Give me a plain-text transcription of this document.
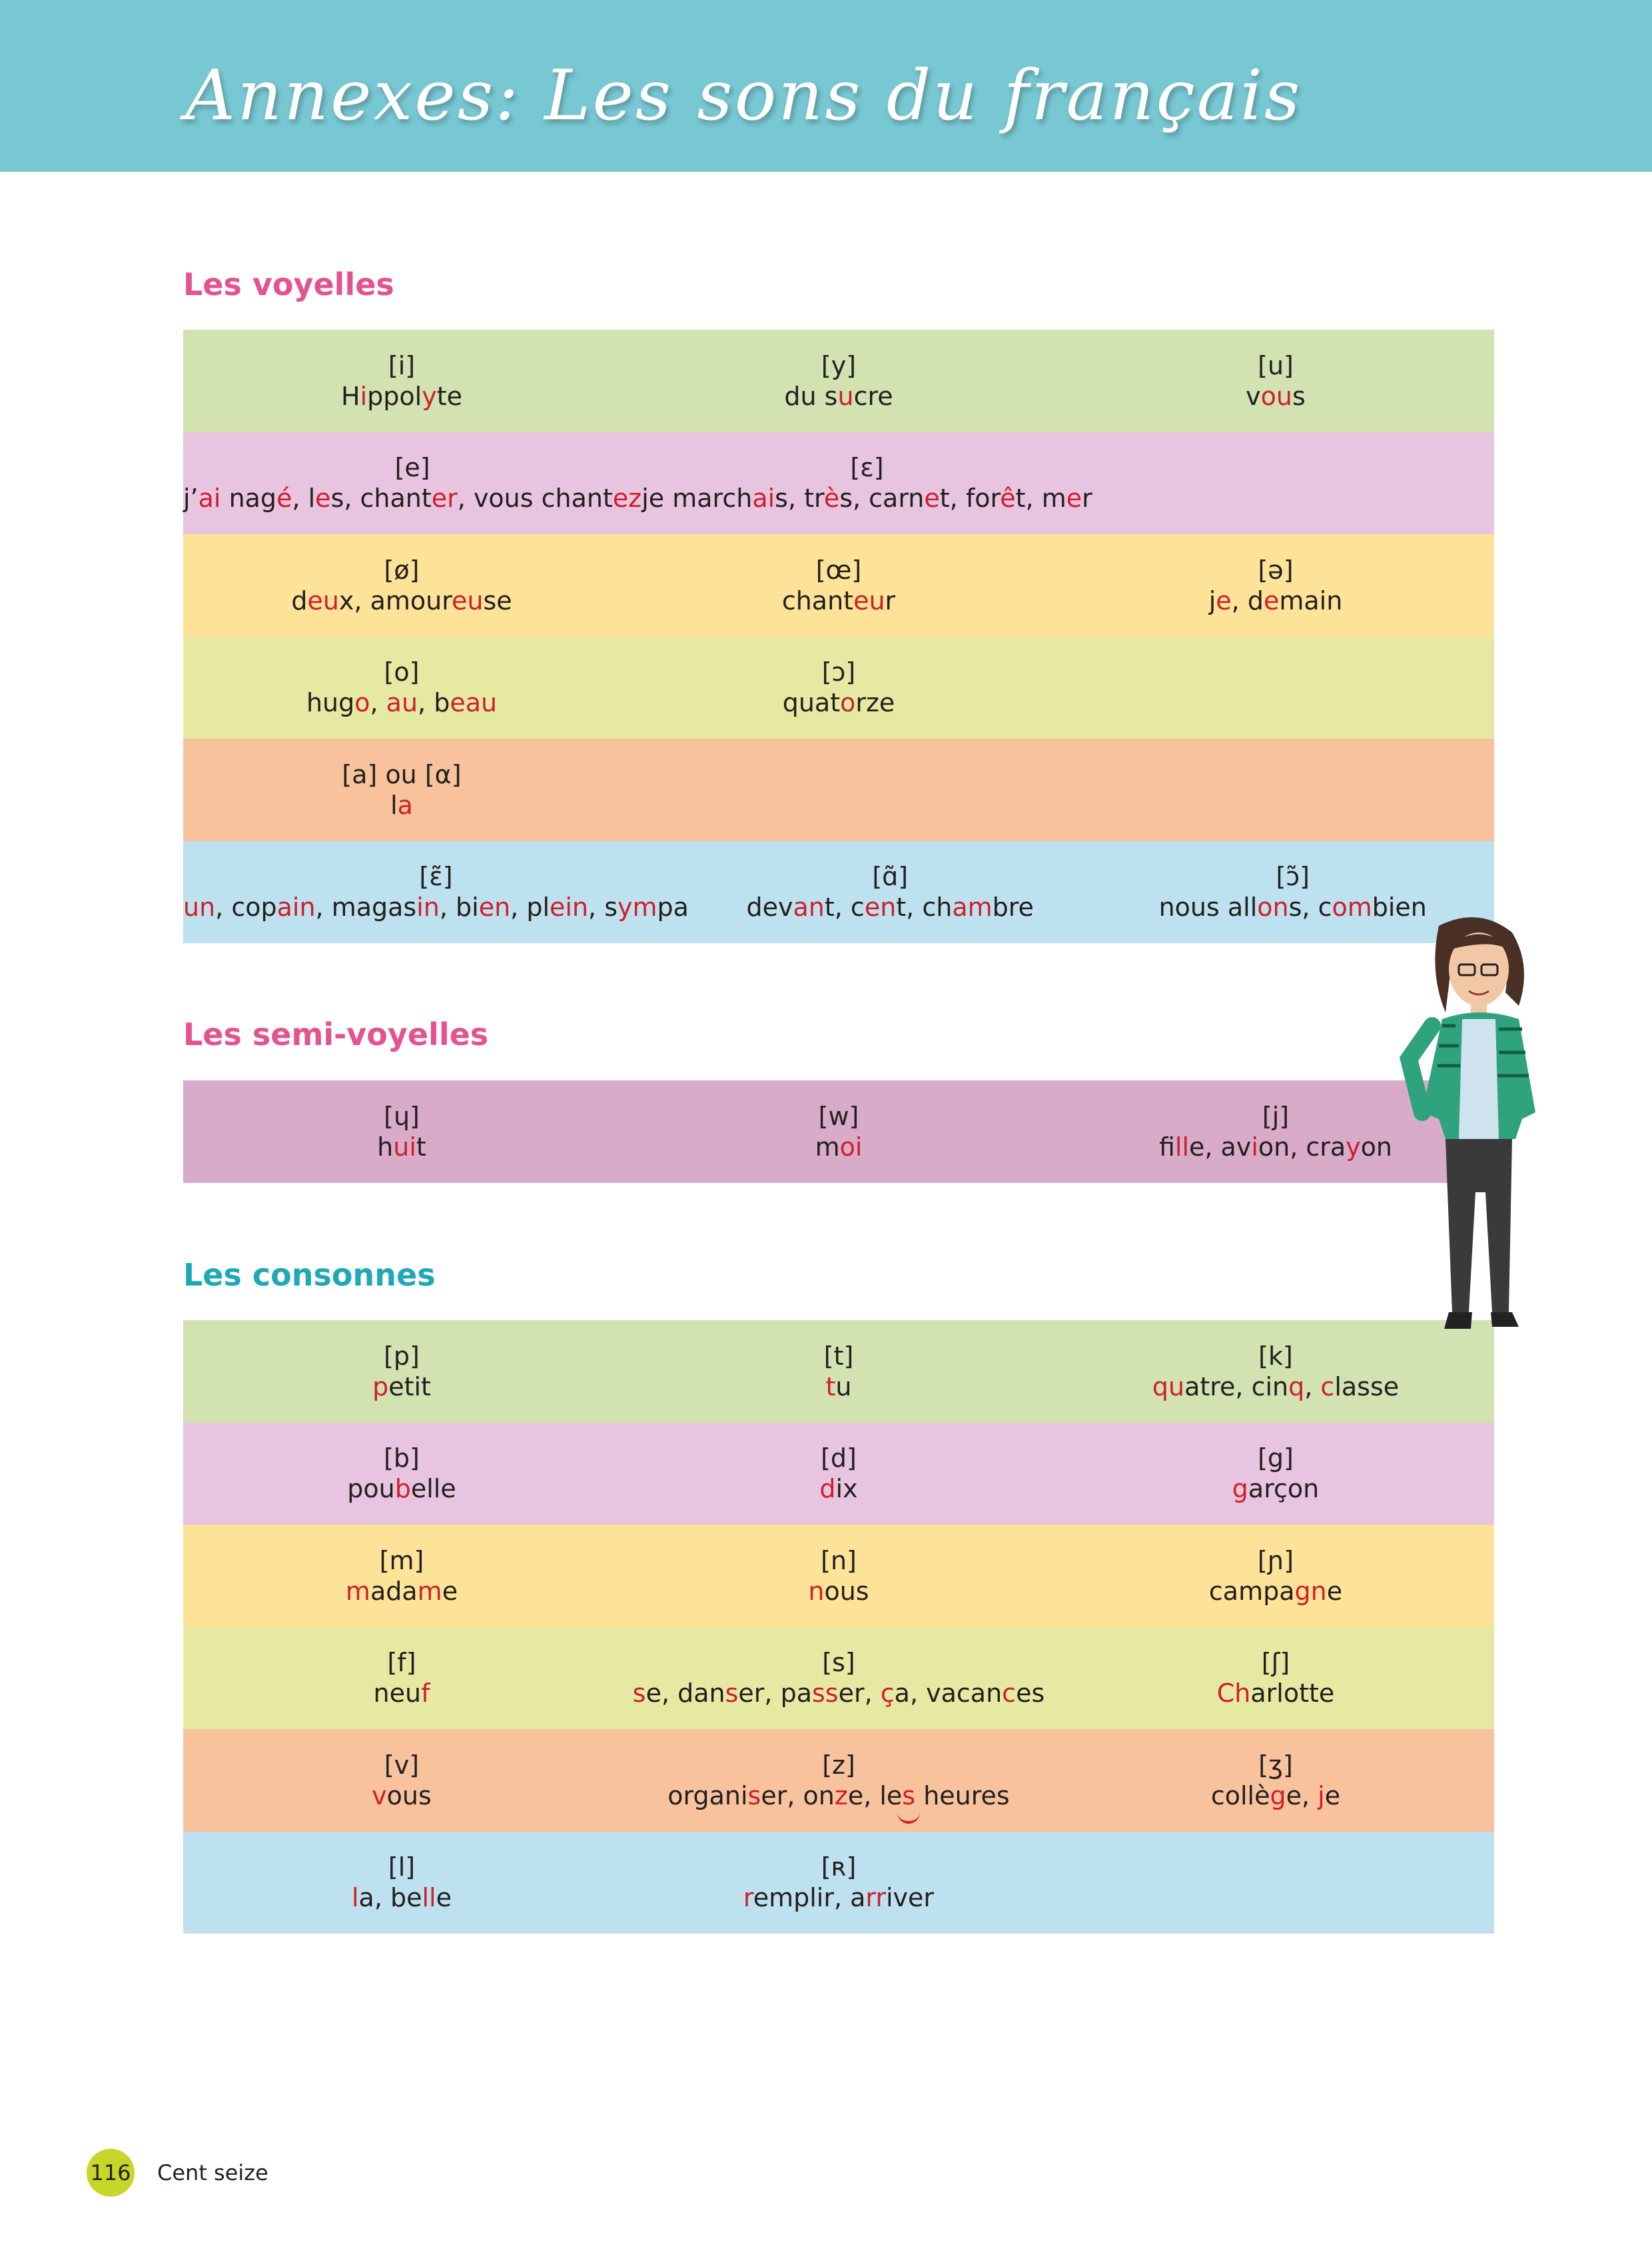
Annexes: Les sons du français
Les voyelles
[i]
Hippolyte
[y]
du sucre
[u]
vous
[e]
j’ai nagé, les, chanter, vous chantez
[ɛ]
je marchais, très, carnet, forêt, mer
[ø]
deux, amoureuse
[œ]
chanteur
[ə]
je, demain
[o]
hugo, au, beau
[ɔ]
quatorze
[a] ou [α]
la
[ɛ̃]
un, copain, magasin, bien, plein, sympa
[ɑ̃]
devant, cent, chambre
[ɔ̃]
nous allons, combien
Les semi-voyelles
[ɥ]
huit
[w]
moi
[j]
fille, avion, crayon
Les consonnes
[p]
petit
[t]
tu
[k]
quatre, cinq, classe
[b]
poubelle
[d]
dix
[g]
garçon
[m]
madame
[n]
nous
[ɲ]
campagne
[f]
neuf
[s]
se, danser, passer, ça, vacances
[ʃ]
Charlotte
[v]
vous
[z]
organiser, onze, les
heures
[ʒ]
collège, je
[l]
la, belle
[ʀ]
remplir, arriver
116 Cent seize
